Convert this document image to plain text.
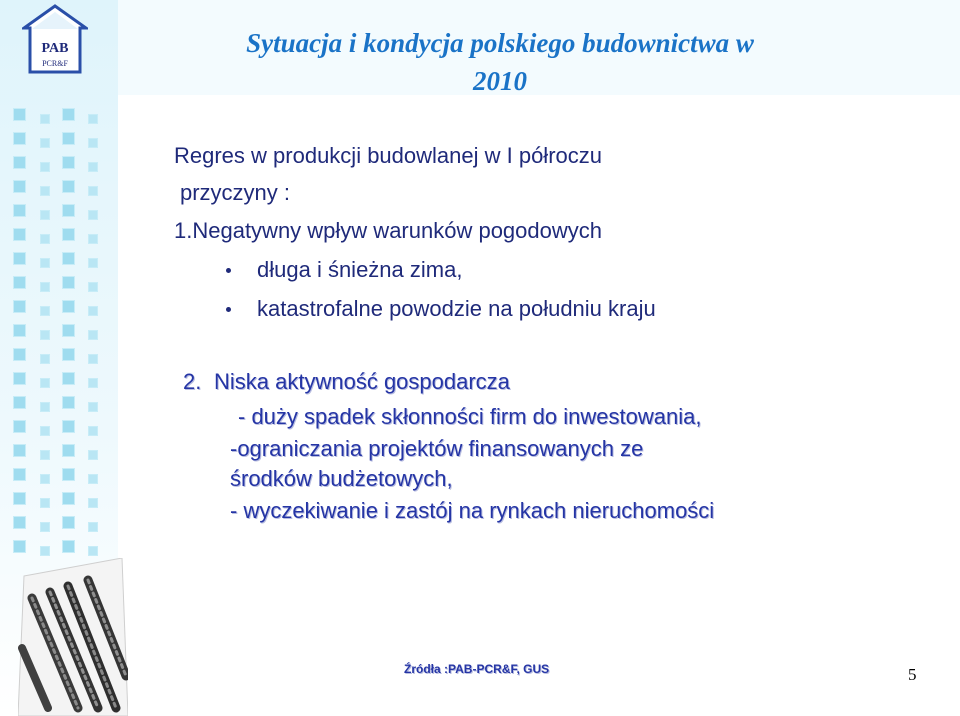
PAB
PCR&F
Sytuacja i kondycja polskiego budownictwa w
2010
Regres w produkcji budowlanej w I półroczu
przyczyny :
1.Negatywny wpływ warunków pogodowych
długa i śnieżna zima,
katastrofalne powodzie na południu kraju
2. Niska aktywność gospodarcza
- duży spadek skłonności firm do inwestowania,
-ograniczania projektów finansowanych ze
środków budżetowych,
- wyczekiwanie i zastój na rynkach nieruchomości
Źródła :PAB-PCR&F, GUS	5
